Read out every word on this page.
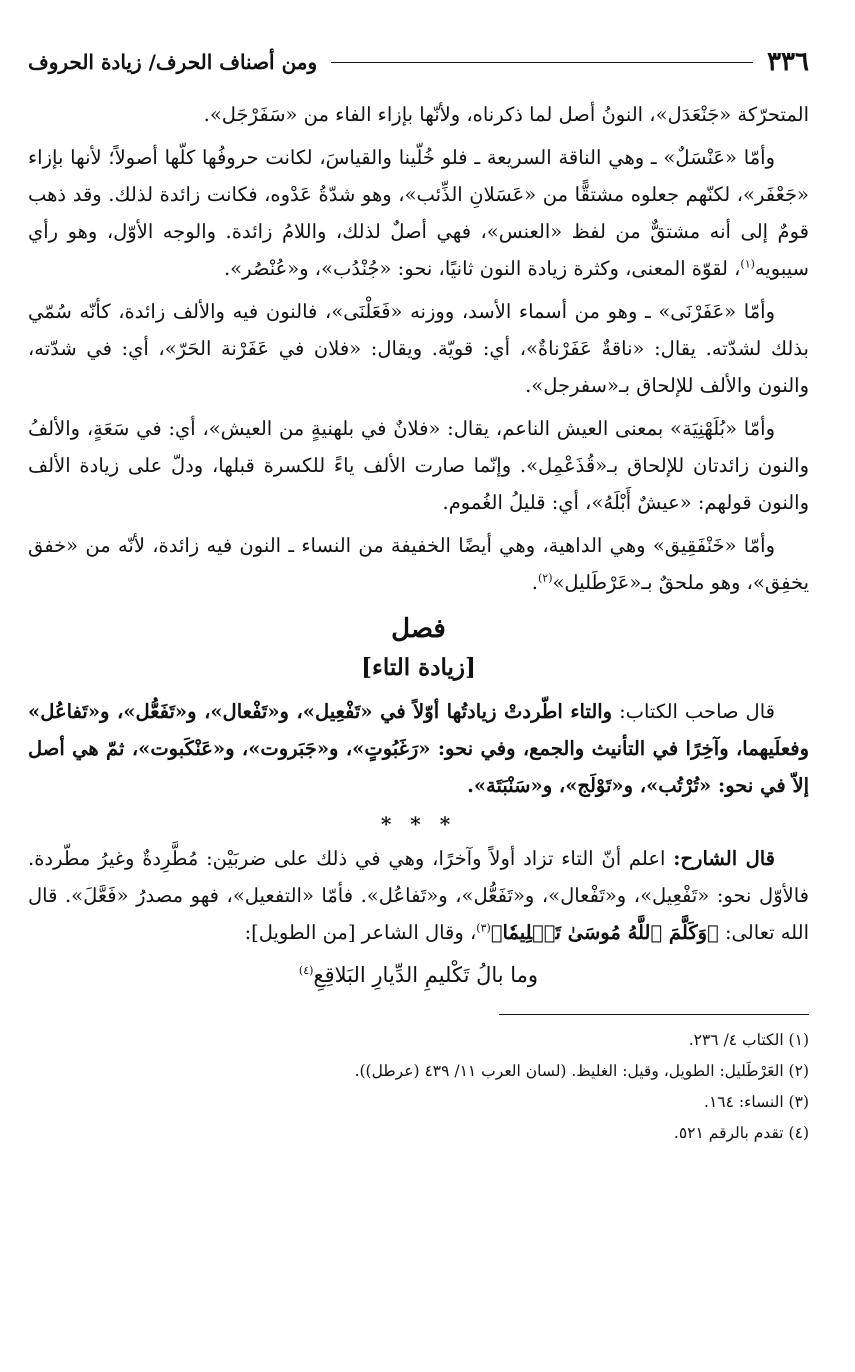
٣٣٦
ومن أصناف الحرف/ زيادة الحروف

المتحرّكة «جَنْعَدَل»، النونُ أصل لما ذكرناه، ولأنّها بإزاء الفاء من «سَفَرْجَل».

وأمّا «عَنْسَلٌ» ـ وهي الناقة السريعة ـ فلو خُلّينا والقياسَ، لكانت حروفُها كلّها أصولاً؛ لأنها بإزاء «جَعْفَر»، لكنّهم جعلوه مشتقًّا من «عَسَلانِ الذِّئب»، وهو شدّةُ عَدْوه، فكانت زائدة لذلك. وقد ذهب قومٌ إلى أنه مشتقٌّ من لفظ «العنس»، فهي أصلٌ لذلك، واللامُ زائدة. والوجه الأوّل، وهو رأي سيبويه$^{(١)}$، لقوّة المعنى، وكثرة زيادة النون ثانيًا، نحو: «جُنْدُب»، و«عُنْصُر».

وأمّا «عَفَرْنَى» ـ وهو من أسماء الأسد، ووزنه «فَعَلْنَى»، فالنون فيه والألف زائدة، كأنّه سُمّي بذلك لشدّته. يقال: «ناقةٌ عَفَرْناةٌ»، أي: قويّة. ويقال: «فلان في عَفَرْنة الحَرّ»، أي: في شدّته، والنون والألف للإلحاق بـ«سفرجل».

وأمّا «بُلَهْنِيَة» بمعنى العيش الناعم، يقال: «فلانٌ في بلهنيةٍ من العيش»، أي: في سَعَةٍ، والألفُ والنون زائدتان للإلحاق بـ«قُذَعْمِل». وإنّما صارت الألف ياءً للكسرة قبلها، ودلّ على زيادة الألف والنون قولهم: «عيشٌ أَبْلَهُ»، أي: قليلُ الغُموم.

وأمّا «خَنْفَقِيق» وهي الداهية، وهي أيضًا الخفيفة من النساء ـ النون فيه زائدة، لأنّه من «خفق يخفِق»، وهو ملحقٌ بـ«عَرْطَليل»$^{(٢)}$.

فصل
[زيادة التاء]

قال صاحب الكتاب: والتاء اطّردتْ زيادتُها أوّلاً في «تَفْعِيل»، و«تَفْعال»، و«تَفَعُّل»، و«تَفاعُل» وفعلَيهما، وآخِرًا في التأنيث والجمع، وفي نحو: «رَغَبُوتٍ»، و«جَبَروت»، و«عَنْكَبوت»، ثمّ هي أصل إلاّ في نحو: «تُرْتُب»، و«تَوْلَج»، و«سَنْبَتَة».

* * *

قال الشارح: اعلم أنّ التاء تزاد أولاً وآخرًا، وهي في ذلك على ضربَيْن: مُطَّرِدةٌ وغيرُ مطّردة. فالأوّل نحو: «تَفْعِيل»، و«تَفْعال»، و«تَفَعُّل»، و«تَفاعُل». فأمّا «التفعيل»، فهو مصدرُ «فَعَّلَ». قال الله تعالى: ﴿وَكَلَّمَ ٱللَّهُ مُوسَىٰ تَكۡلِيمٗا﴾$^{(٣)}$، وقال الشاعر [من الطويل]:

وما بالُ تَكْليمِ الدِّيارِ البَلاقِعِ$^{(٤)}$
(١) الكتاب ٤/ ٢٣٦.
(٢) العَرْطَليل: الطويل، وقيل: الغليظ. (لسان العرب ١١/ ٤٣٩ (عرطل)).
(٣) النساء: ١٦٤.
(٤) تقدم بالرقم ٥٢١.
